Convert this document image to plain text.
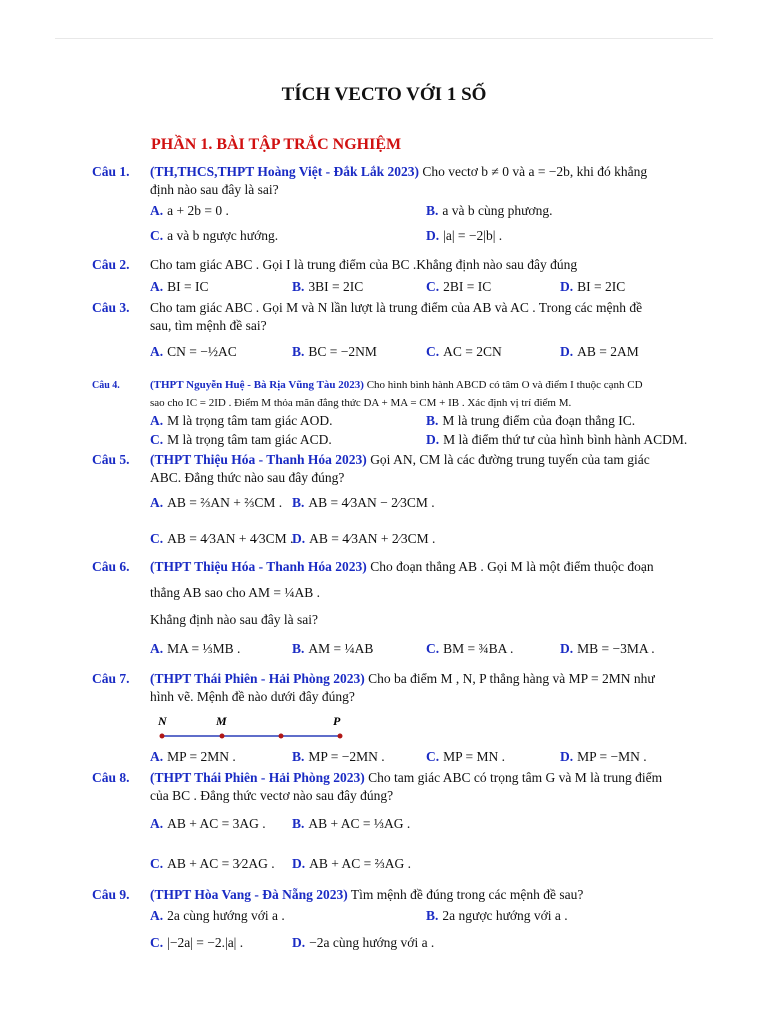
TÍCH VECTO VỚI 1 SỐ
PHẦN 1. BÀI TẬP TRẮC NGHIỆM
Câu 1. (TH,THCS,THPT Hoàng Việt - Đắk Lắk 2023) Cho vectơ b ≠ 0 và a = −2b, khi đó khẳng
định nào sau đây là sai?
A. a + 2b = 0 .	B. a và b cùng phương.
C. a và b ngược hướng.	D. |a| = −2|b| .
Câu 2. Cho tam giác ABC . Gọi I là trung điểm của BC .Khẳng định nào sau đây đúng
A. BI = IC	B. 3BI = 2IC	C. 2BI = IC	D. BI = 2IC
Câu 3. Cho tam giác ABC . Gọi M và N lần lượt là trung điểm của AB và AC . Trong các mệnh đề
sau, tìm mệnh đề sai?
A. CN = −½AC	B. BC = −2NM	C. AC = 2CN	D. AB = 2AM
Câu 4.	(THPT Nguyễn Huệ - Bà Rịa Vũng Tàu 2023) Cho hình bình hành ABCD có tâm O và điểm I thuộc cạnh CD
sao cho IC = 2ID . Điểm M thỏa mãn đẳng thức DA + MA = CM + IB . Xác định vị trí điểm M.
A. M là trọng tâm tam giác AOD.	B. M là trung điểm của đoạn thẳng IC.
C. M là trọng tâm tam giác ACD.	D. M là điểm thứ tư của hình bình hành ACDM.
Câu 5. (THPT Thiệu Hóa - Thanh Hóa 2023) Gọi AN, CM là các đường trung tuyến của tam giác
ABC. Đẳng thức nào sau đây đúng?
A. AB = ⅔AN + ⅔CM . B. AB = 4⁄3AN − 2⁄3CM .
C. AB = 4⁄3AN + 4⁄3CM .
D. AB = 4⁄3AN + 2⁄3CM .
Câu 6. (THPT Thiệu Hóa - Thanh Hóa 2023) Cho đoạn thẳng AB . Gọi M là một điểm thuộc đoạn
thẳng AB sao cho AM = ¼AB .
Khẳng định nào sau đây là sai?
A. MA = ⅓MB .	B. AM = ¼AB	C. BM = ¾BA .	D. MB = −3MA .
Câu 7. (THPT Thái Phiên - Hải Phòng 2023) Cho ba điểm M , N, P thẳng hàng và MP = 2MN như
hình vẽ. Mệnh đề nào dưới đây đúng?
N	M	P
A. MP = 2MN .	B. MP = −2MN .	C. MP = MN .	D. MP = −MN .
Câu 8. (THPT Thái Phiên - Hải Phòng 2023) Cho tam giác ABC có trọng tâm G và M là trung điểm
của BC . Đẳng thức vectơ nào sau đây đúng?
A. AB + AC = 3AG . B. AB + AC = ⅓AG .
C. AB + AC = 3⁄2AG . D. AB + AC = ⅔AG .
Câu 9. (THPT Hòa Vang - Đà Nẵng 2023) Tìm mệnh đề đúng trong các mệnh đề sau?
A. 2a cùng hướng với a .	B. 2a ngược hướng với a .
C. |−2a| = −2.|a| .	D. −2a cùng hướng với a .
